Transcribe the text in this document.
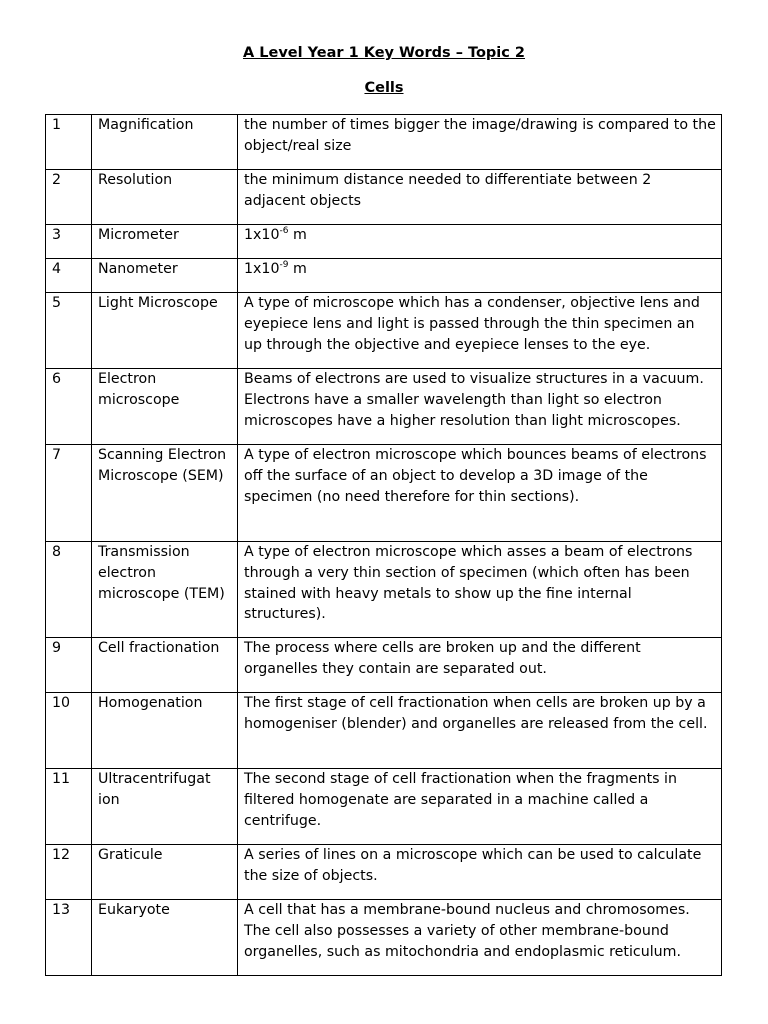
A Level Year 1 Key Words – Topic 2
Cells
1	Magnification	the number of times bigger the image/drawing is compared to the object/real size
2	Resolution	the minimum distance needed to differentiate between 2 adjacent objects
3	Micrometer	$1x10^{-6}$ m
4	Nanometer	$1x10^{-9}$ m
5	Light Microscope	A type of microscope which has a condenser, objective lens and eyepiece lens and light is passed through the thin specimen an up through the objective and eyepiece lenses to the eye.
6	Electron microscope	Beams of electrons are used to visualize structures in a vacuum. Electrons have a smaller wavelength than light so electron microscopes have a higher resolution than light microscopes.
7	Scanning Electron Microscope (SEM)	A type of electron microscope which bounces beams of electrons off the surface of an object to develop a 3D image of the specimen (no need therefore for thin sections).
8	Transmission electron microscope (TEM)	A type of electron microscope which asses a beam of electrons through a very thin section of specimen (which often has been stained with heavy metals to show up the fine internal structures).
9	Cell fractionation	The process where cells are broken up and the different organelles they contain are separated out.
10	Homogenation	The first stage of cell fractionation when cells are broken up by a homogeniser (blender) and organelles are released from the cell.
11	Ultracentrifugat ion	The second stage of cell fractionation when the fragments in filtered homogenate are separated in a machine called a centrifuge.
12	Graticule	A series of lines on a microscope which can be used to calculate the size of objects.
13	Eukaryote	A cell that has a membrane-bound nucleus and chromosomes. The cell also possesses a variety of other membrane-bound organelles, such as mitochondria and endoplasmic reticulum.
